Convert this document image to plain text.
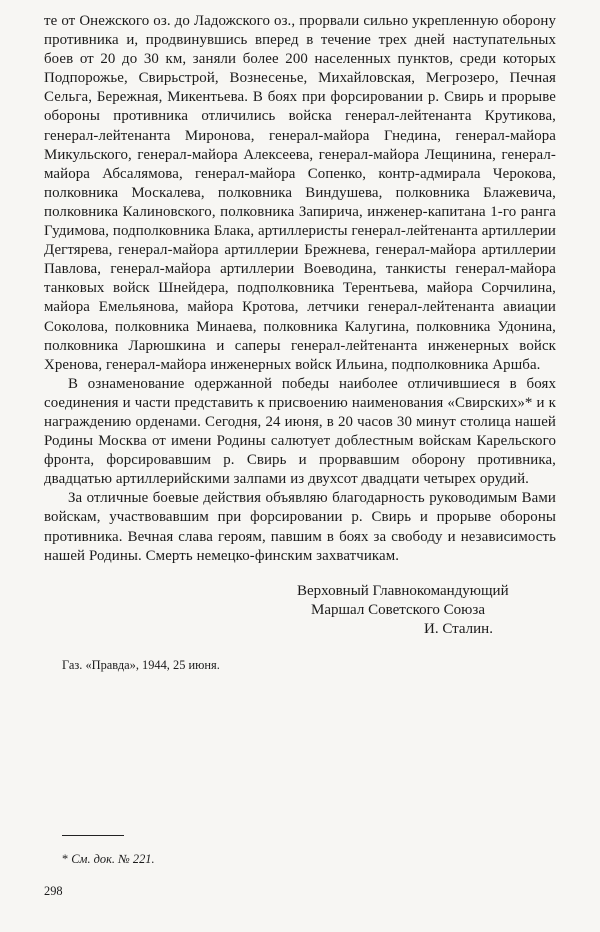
те от Онежского оз. до Ладожского оз., прорвали сильно укрепленную оборону противника и, продвинувшись вперед в течение трех дней наступательных боев от 20 до 30 км, заняли более 200 населенных пунктов, среди которых Подпорожье, Свирьстрой, Вознесенье, Михайловская, Мегрозеро, Печная Сельга, Бережная, Микентьева. В боях при форсировании р. Свирь и прорыве обороны противника отличились войска генерал-лейтенанта Крутикова, генерал-лейтенанта Миронова, генерал-майора Гнедина, генерал-майора Микульского, генерал-майора Алексеева, генерал-майора Лещинина, генерал-майора Абсалямова, генерал-майора Сопенко, контр-адмирала Черокова, полковника Москалева, полковника Виндушева, полковника Блажевича, полковника Калиновского, полковника Запирича, инженер-капитана 1-го ранга Гудимова, подполковника Блака, артиллеристы генерал-лейтенанта артиллерии Дегтярева, генерал-майора артиллерии Брежнева, генерал-майора артиллерии Павлова, генерал-майора артиллерии Воеводина, танкисты генерал-майора танковых войск Шнейдера, подполковника Терентьева, майора Сорчилина, майора Емельянова, майора Кротова, летчики генерал-лейтенанта авиации Соколова, полковника Минаева, полковника Калугина, полковника Удонина, полковника Ларюшкина и саперы генерал-лейтенанта инженерных войск Хренова, генерал-майора инженерных войск Ильина, подполковника Аршба.

В ознаменование одержанной победы наиболее отличившиеся в боях соединения и части представить к присвоению наименования «Свирских»* и к награждению орденами. Сегодня, 24 июня, в 20 часов 30 минут столица нашей Родины Москва от имени Родины салютует доблестным войскам Карельского фронта, форсировавшим р. Свирь и прорвавшим оборону противника, двадцатью артиллерийскими залпами из двухсот двадцати четырех орудий.

За отличные боевые действия объявляю благодарность руководимым Вами войскам, участвовавшим при форсировании р. Свирь и прорыве обороны противника. Вечная слава героям, павшим в боях за свободу и независимость нашей Родины. Смерть немецко-финским захватчикам.

Верховный Главнокомандующий
Маршал Советского Союза
И. Сталин.
Газ. «Правда», 1944, 25 июня.
* См. док. № 221.
298
